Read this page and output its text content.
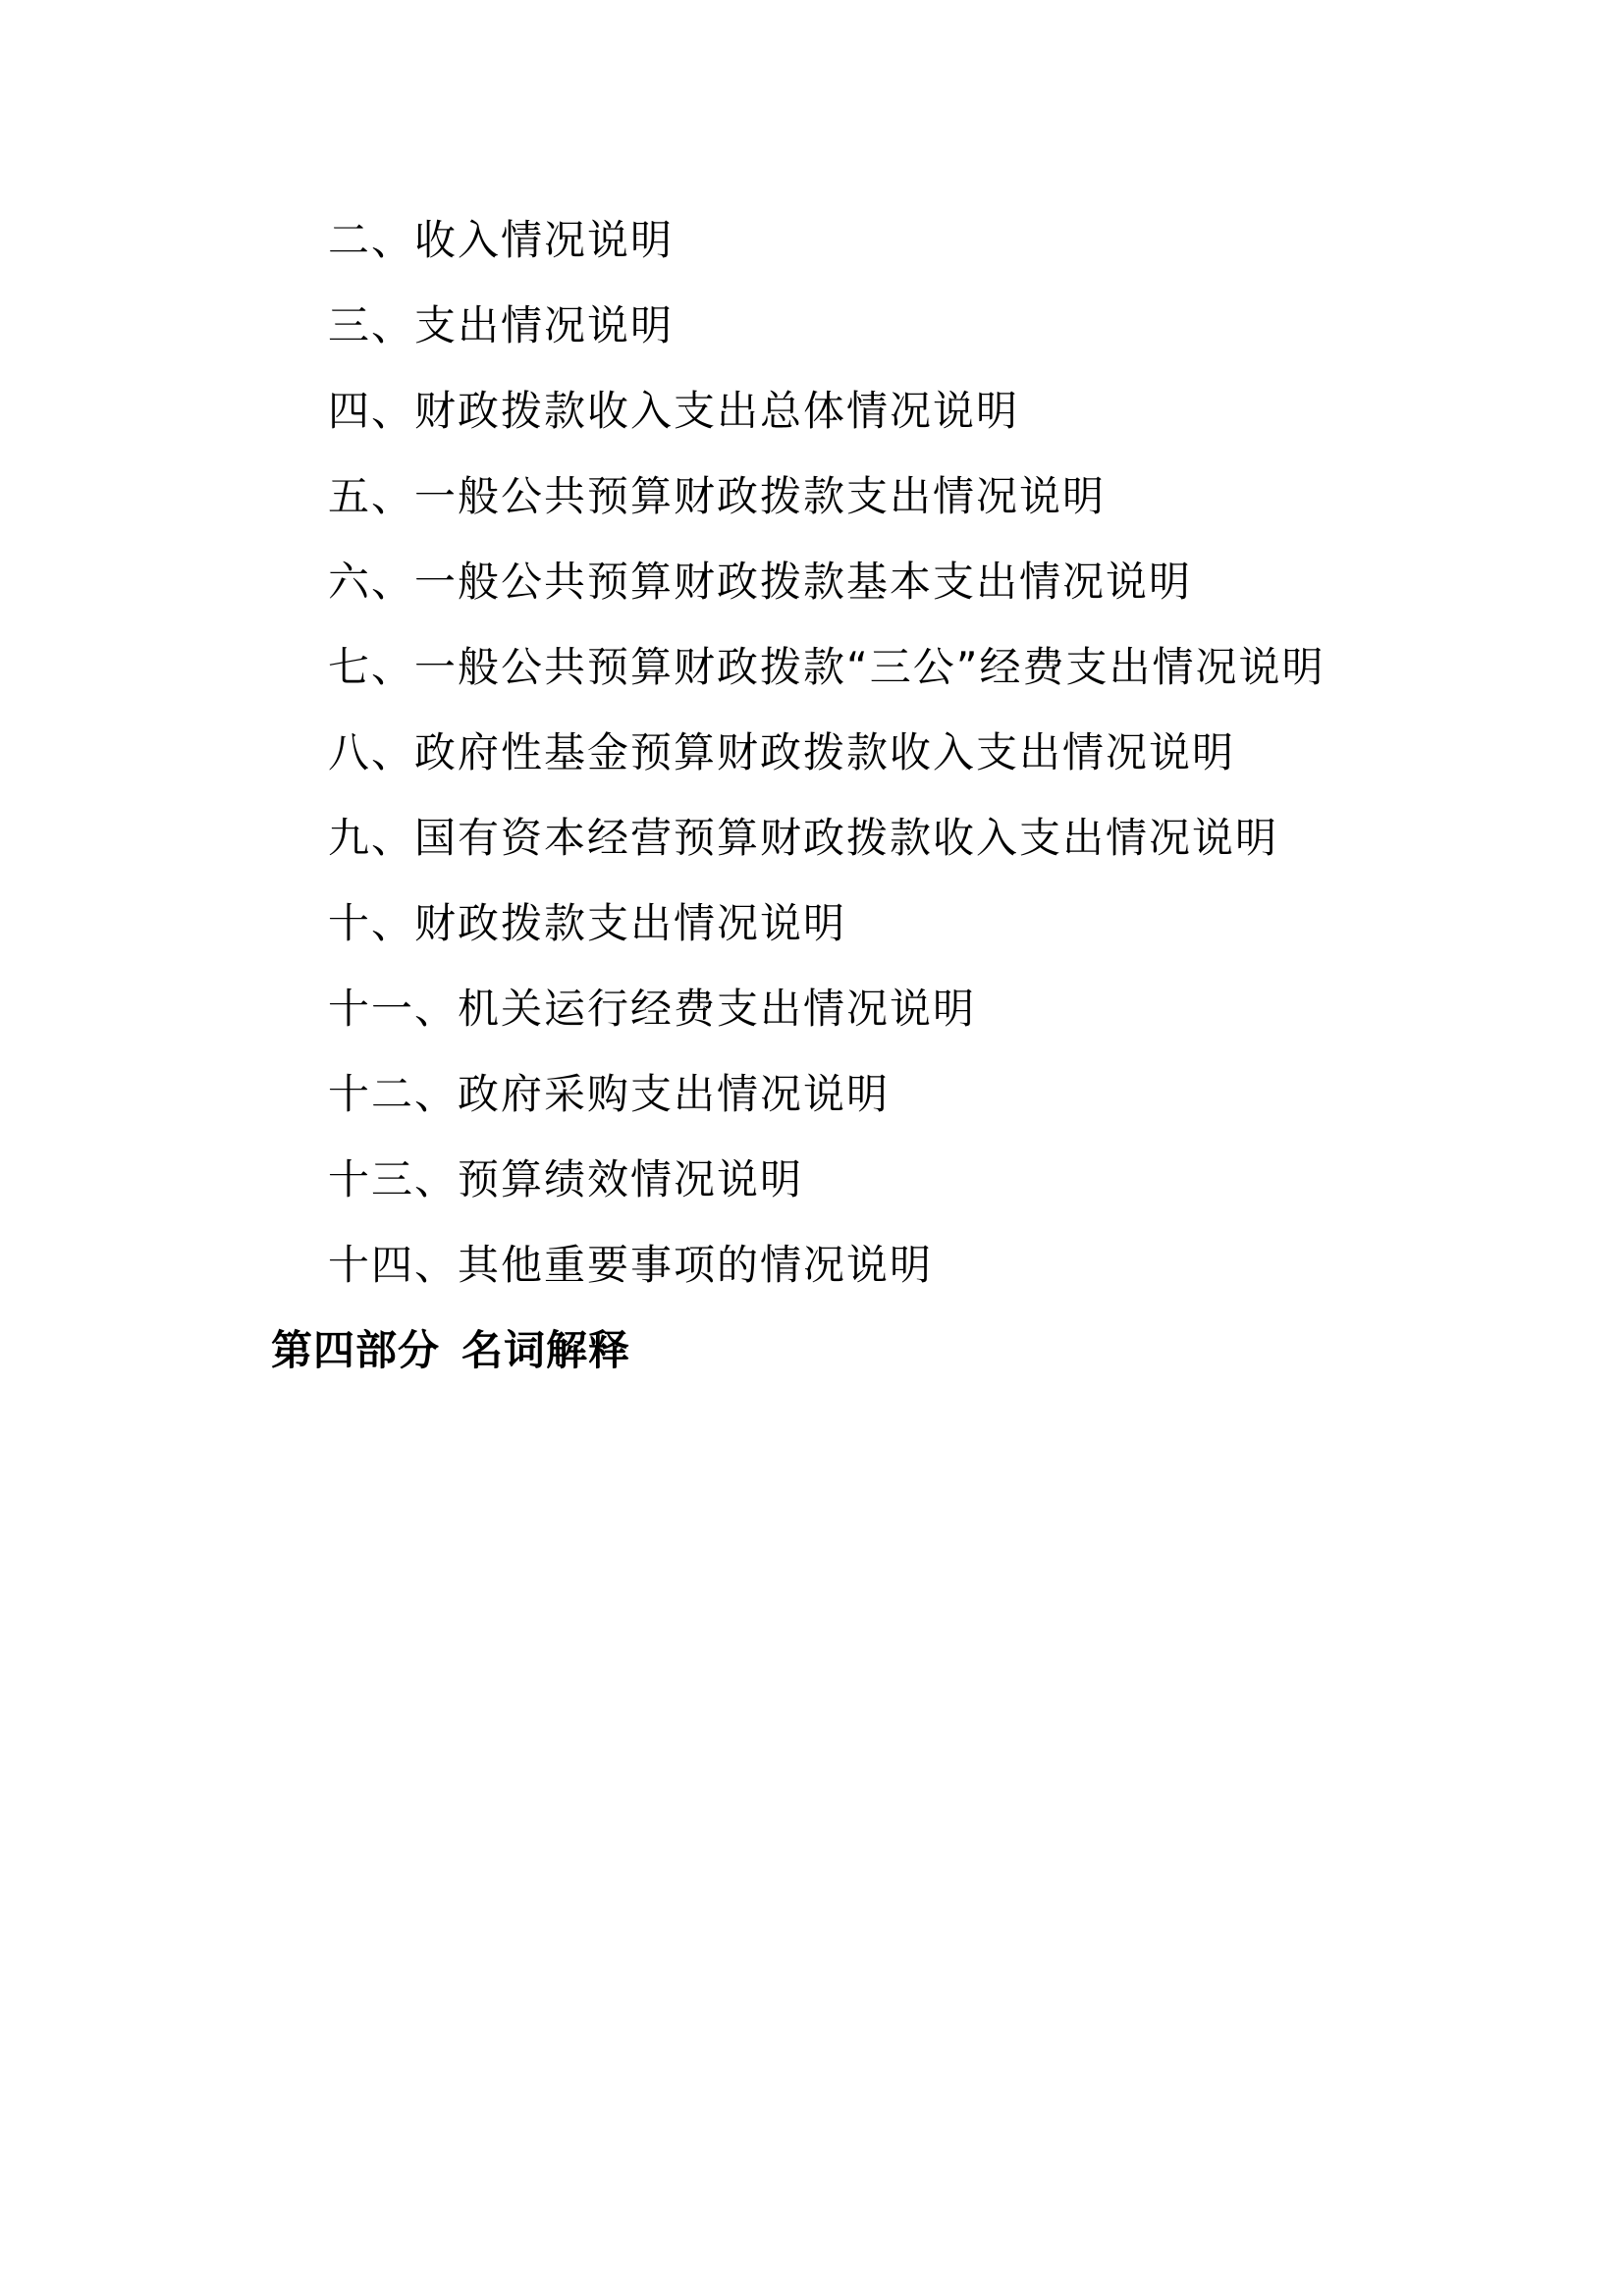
二、收入情况说明
三、支出情况说明
四、财政拨款收入支出总体情况说明
五、一般公共预算财政拨款支出情况说明
六、一般公共预算财政拨款基本支出情况说明
七、一般公共预算财政拨款“三公”经费支出情况说明
八、政府性基金预算财政拨款收入支出情况说明
九、国有资本经营预算财政拨款收入支出情况说明
十、财政拨款支出情况说明
十一、机关运行经费支出情况说明
十二、政府采购支出情况说明
十三、预算绩效情况说明
十四、其他重要事项的情况说明
第四部分 名词解释
